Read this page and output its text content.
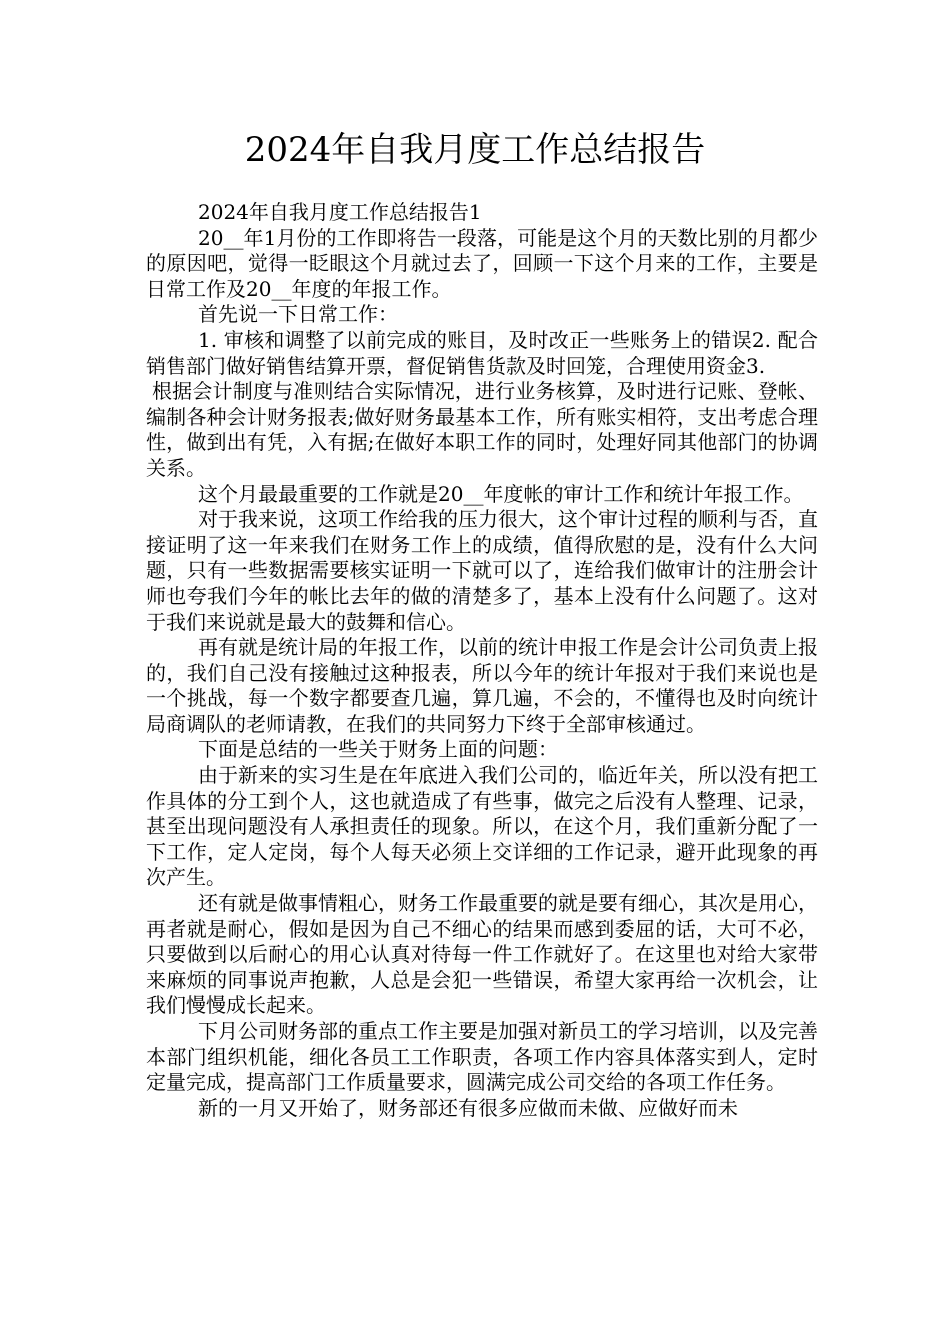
2024年自我月度工作总结报告

2024年自我月度工作总结报告1

20__年1月份的工作即将告一段落，可能是这个月的天数比别的月都少的原因吧，觉得一眨眼这个月就过去了，回顾一下这个月来的工作，主要是日常工作及20__年度的年报工作。

首先说一下日常工作：

1. 审核和调整了以前完成的账目，及时改正一些账务上的错误2. 配合销售部门做好销售结算开票，督促销售货款及时回笼，合理使用资金3.

根据会计制度与准则结合实际情况，进行业务核算，及时进行记账、登帐、编制各种会计财务报表;做好财务最基本工作，所有账实相符，支出考虑合理性，做到出有凭，入有据;在做好本职工作的同时，处理好同其他部门的协调关系。

这个月最最重要的工作就是20__年度帐的审计工作和统计年报工作。

对于我来说，这项工作给我的压力很大，这个审计过程的顺利与否，直接证明了这一年来我们在财务工作上的成绩，值得欣慰的是，没有什么大问题，只有一些数据需要核实证明一下就可以了，连给我们做审计的注册会计师也夸我们今年的帐比去年的做的清楚多了，基本上没有什么问题了。这对于我们来说就是最大的鼓舞和信心。

再有就是统计局的年报工作，以前的统计申报工作是会计公司负责上报的，我们自己没有接触过这种报表，所以今年的统计年报对于我们来说也是一个挑战，每一个数字都要查几遍，算几遍，不会的，不懂得也及时向统计局商调队的老师请教，在我们的共同努力下终于全部审核通过。

下面是总结的一些关于财务上面的问题：

由于新来的实习生是在年底进入我们公司的，临近年关，所以没有把工作具体的分工到个人，这也就造成了有些事，做完之后没有人整理、记录，甚至出现问题没有人承担责任的现象。所以，在这个月，我们重新分配了一下工作，定人定岗，每个人每天必须上交详细的工作记录，避开此现象的再次产生。

还有就是做事情粗心，财务工作最重要的就是要有细心，其次是用心，再者就是耐心，假如是因为自己不细心的结果而感到委屈的话，大可不必，只要做到以后耐心的用心认真对待每一件工作就好了。在这里也对给大家带来麻烦的同事说声抱歉，人总是会犯一些错误，希望大家再给一次机会，让我们慢慢成长起来。

下月公司财务部的重点工作主要是加强对新员工的学习培训，以及完善本部门组织机能，细化各员工工作职责，各项工作内容具体落实到人，定时定量完成，提高部门工作质量要求，圆满完成公司交给的各项工作任务。

新的一月又开始了，财务部还有很多应做而未做、应做好而未
